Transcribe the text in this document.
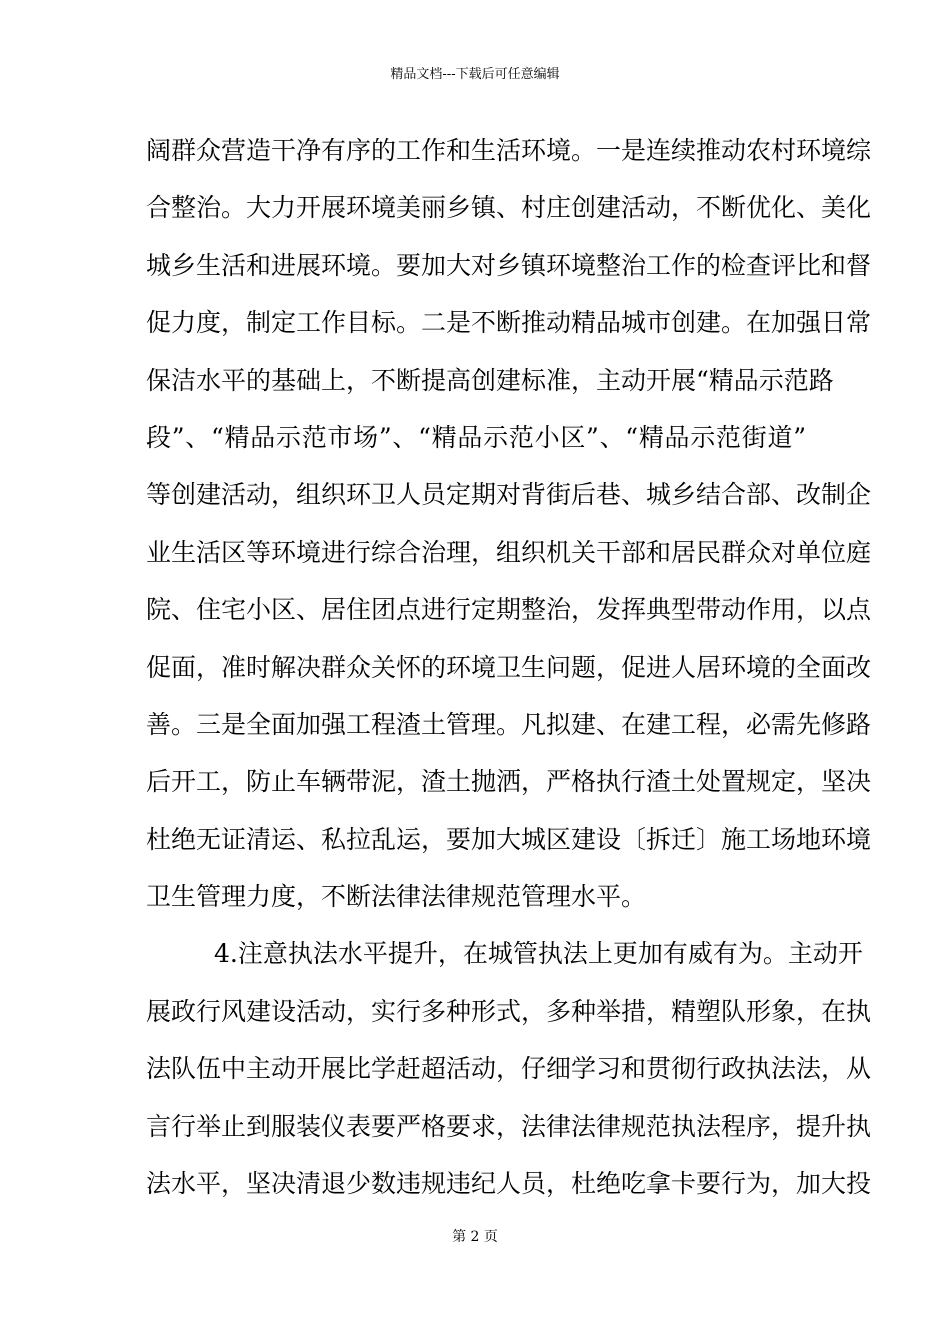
精品文档---下载后可任意编辑
阔群众营造干净有序的工作和生活环境。一是连续推动农村环境综
合整治。大力开展环境美丽乡镇、村庄创建活动，不断优化、美化
城乡生活和进展环境。要加大对乡镇环境整治工作的检查评比和督
促力度，制定工作目标。二是不断推动精品城市创建。在加强日常
保洁水平的基础上，不断提高创建标准，主动开展“精品示范路
段”、“精品示范市场”、“精品示范小区”、“精品示范街道”
等创建活动，组织环卫人员定期对背街后巷、城乡结合部、改制企
业生活区等环境进行综合治理，组织机关干部和居民群众对单位庭
院、住宅小区、居住团点进行定期整治，发挥典型带动作用，以点
促面，准时解决群众关怀的环境卫生问题，促进人居环境的全面改
善。三是全面加强工程渣土管理。凡拟建、在建工程，必需先修路
后开工，防止车辆带泥，渣土抛洒，严格执行渣土处置规定，坚决
杜绝无证清运、私拉乱运，要加大城区建设〔拆迁〕施工场地环境
卫生管理力度，不断法律法律规范管理水平。
4.注意执法水平提升，在城管执法上更加有威有为。主动开
展政行风建设活动，实行多种形式，多种举措，精塑队形象，在执
法队伍中主动开展比学赶超活动，仔细学习和贯彻行政执法法，从
言行举止到服装仪表要严格要求，法律法律规范执法程序，提升执
法水平，坚决清退少数违规违纪人员，杜绝吃拿卡要行为，加大投
第 2 页
